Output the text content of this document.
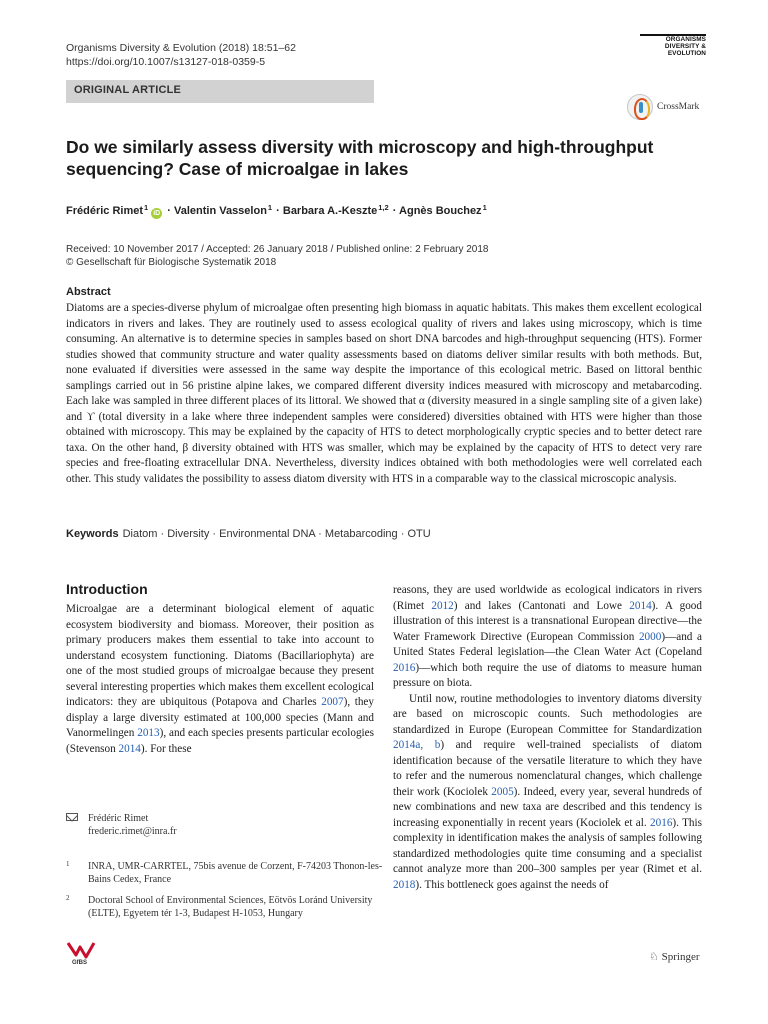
Organisms Diversity & Evolution (2018) 18:51–62
https://doi.org/10.1007/s13127-018-0359-5
ORGANISMS
DIVERSITY &
EVOLUTION
ORIGINAL ARTICLE
CrossMark
Do we similarly assess diversity with microscopy and high-throughput sequencing? Case of microalgae in lakes
Frédéric Rimet$^1$iD · Valentin Vasselon$^1$ · Barbara A.-Keszte$^{1,2}$ · Agnès Bouchez$^1$
Received: 10 November 2017 / Accepted: 26 January 2018 / Published online: 2 February 2018
© Gesellschaft für Biologische Systematik 2018
Abstract

Diatoms are a species-diverse phylum of microalgae often presenting high biomass in aquatic habitats. This makes them excellent ecological indicators in rivers and lakes. They are routinely used to assess ecological quality of rivers and lakes using microscopy, which is time consuming. An alternative is to determine species in samples based on short DNA barcodes and high-throughput sequencing (HTS). Former studies showed that community structure and water quality assessments based on diatoms deliver similar results with both methods. But, none evaluated if diversities were assessed in the same way despite the importance of this ecological metric. Based on littoral benthic samplings carried out in 56 pristine alpine lakes, we compared different diversity indices measured with microscopy and metabarcoding. Each lake was sampled in three different places of its littoral. We showed that α (diversity measured in a single sampling site of a given lake) and ϒ (total diversity in a lake where three independent samples were considered) diversities obtained with HTS were higher than those obtained with microscopy. This may be explained by the capacity of HTS to detect morphologically cryptic species and to better detect rare taxa. On the other hand, β diversity obtained with HTS was smaller, which may be explained by the capacity of HTS to detect very rare species and free-floating extracellular DNA. Nevertheless, diversity indices obtained with both methodologies were well correlated each other. This study validates the possibility to assess diatom diversity with HTS in a comparable way to the classical microscopic analysis.

Keywords Diatom · Diversity · Environmental DNA · Metabarcoding · OTU
Introduction

Microalgae are a determinant biological element of aquatic ecosystem biodiversity and biomass. Moreover, their position as primary producers makes them essential to take into account to understand ecosystem functioning. Diatoms (Bacillariophyta) are one of the most studied groups of microalgae because they present several interesting properties which makes them excellent ecological indicators: they are ubiquitous (Potapova and Charles 2007), they display a large diversity estimated at 100,000 species (Mann and Vanormelingen 2013), and each species presents particular ecologies (Stevenson 2014). For these

reasons, they are used worldwide as ecological indicators in rivers (Rimet 2012) and lakes (Cantonati and Lowe 2014). A good illustration of this interest is a transnational European directive—the Water Framework Directive (European Commission 2000)—and a United States Federal legislation—the Clean Water Act (Copeland 2016)—which both require the use of diatoms to measure human pressure on biota.

Until now, routine methodologies to inventory diatoms diversity are based on microscopic counts. Such methodologies are standardized in Europe (European Committee for Standardization 2014a, b) and require well-trained specialists of diatom identification because of the versatile literature to which they have to refer and the numerous nomenclatural changes, which challenge their work (Kociolek 2005). Indeed, every year, several hundreds of new combinations and new taxa are described and this tendency is increasing exponentially in recent years (Kociolek et al. 2016). This complexity in identification makes the analysis of samples following standardized methodologies quite time consuming and a specialist cannot analyze more than 200–300 samples per year (Rimet et al. 2018). This bottleneck goes against the needs of

Frédéric Rimet
frederic.rimet@inra.fr
1 INRA, UMR-CARRTEL, 75bis avenue de Corzent, F-74203 Thonon-les-Bains Cedex, France
2 Doctoral School of Environmental Sciences, Eötvös Loránd University (ELTE), Egyetem tér 1-3, Budapest H-1053, Hungary
GfBS	♘ Springer
